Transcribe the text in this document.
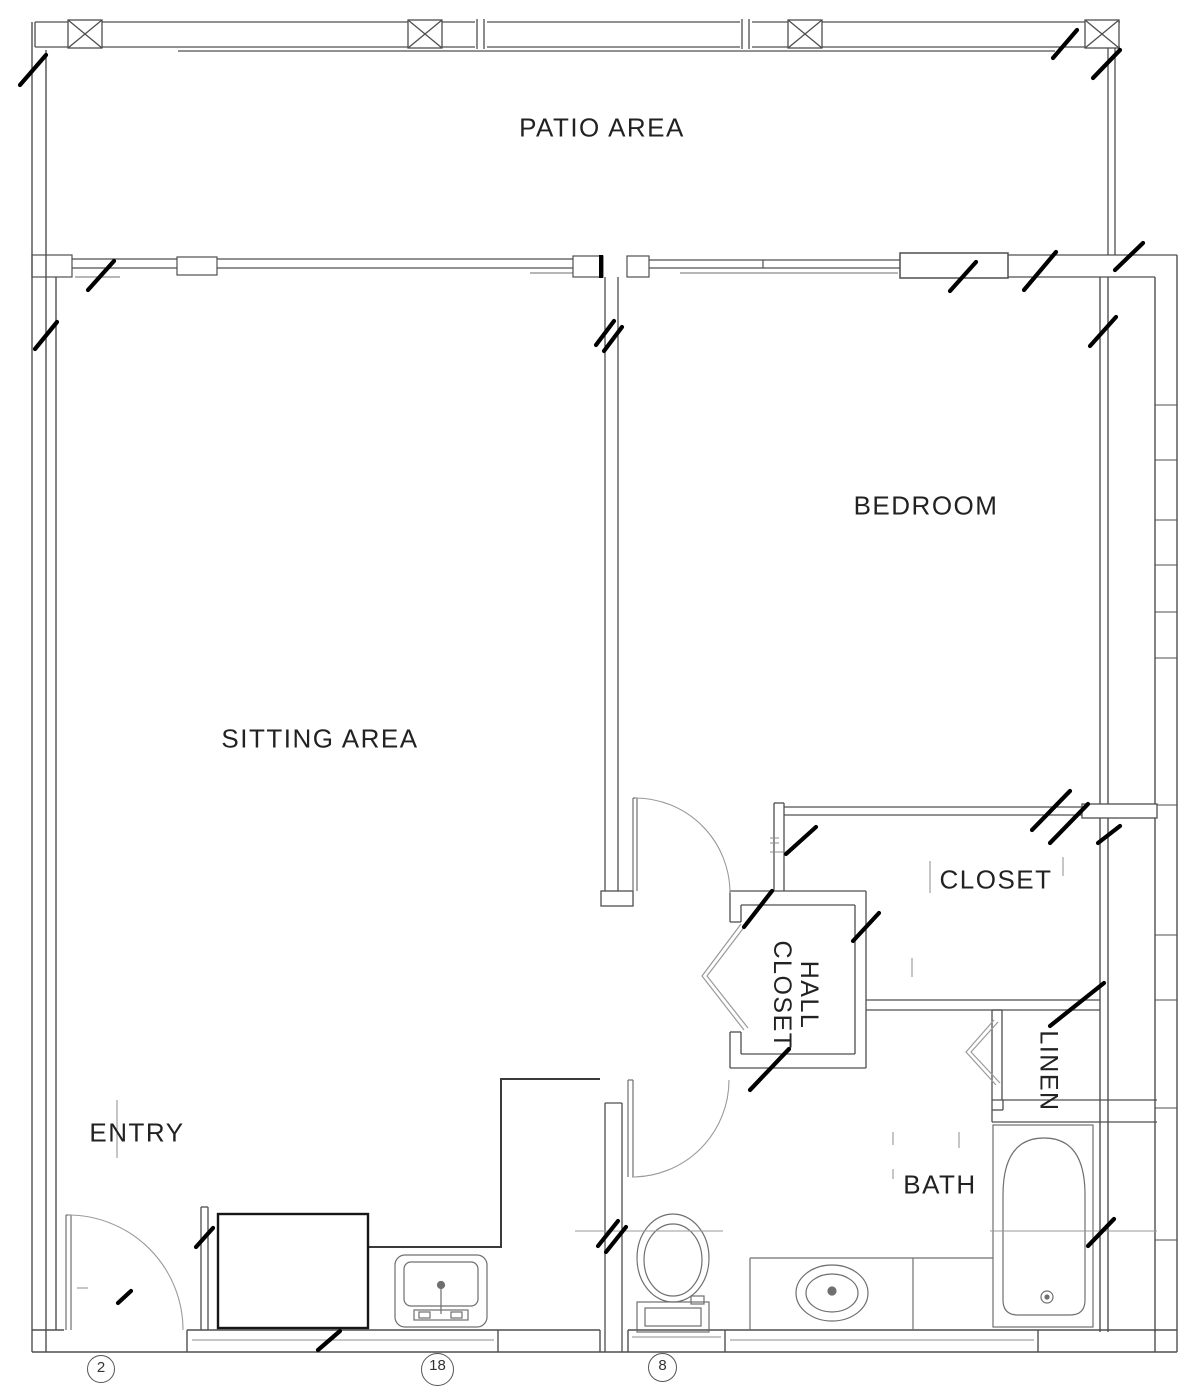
PATIO AREA
BEDROOM
SITTING AREA
CLOSET
HALL
CLOSET
LINEN
BATH
ENTRY
2	18	8
